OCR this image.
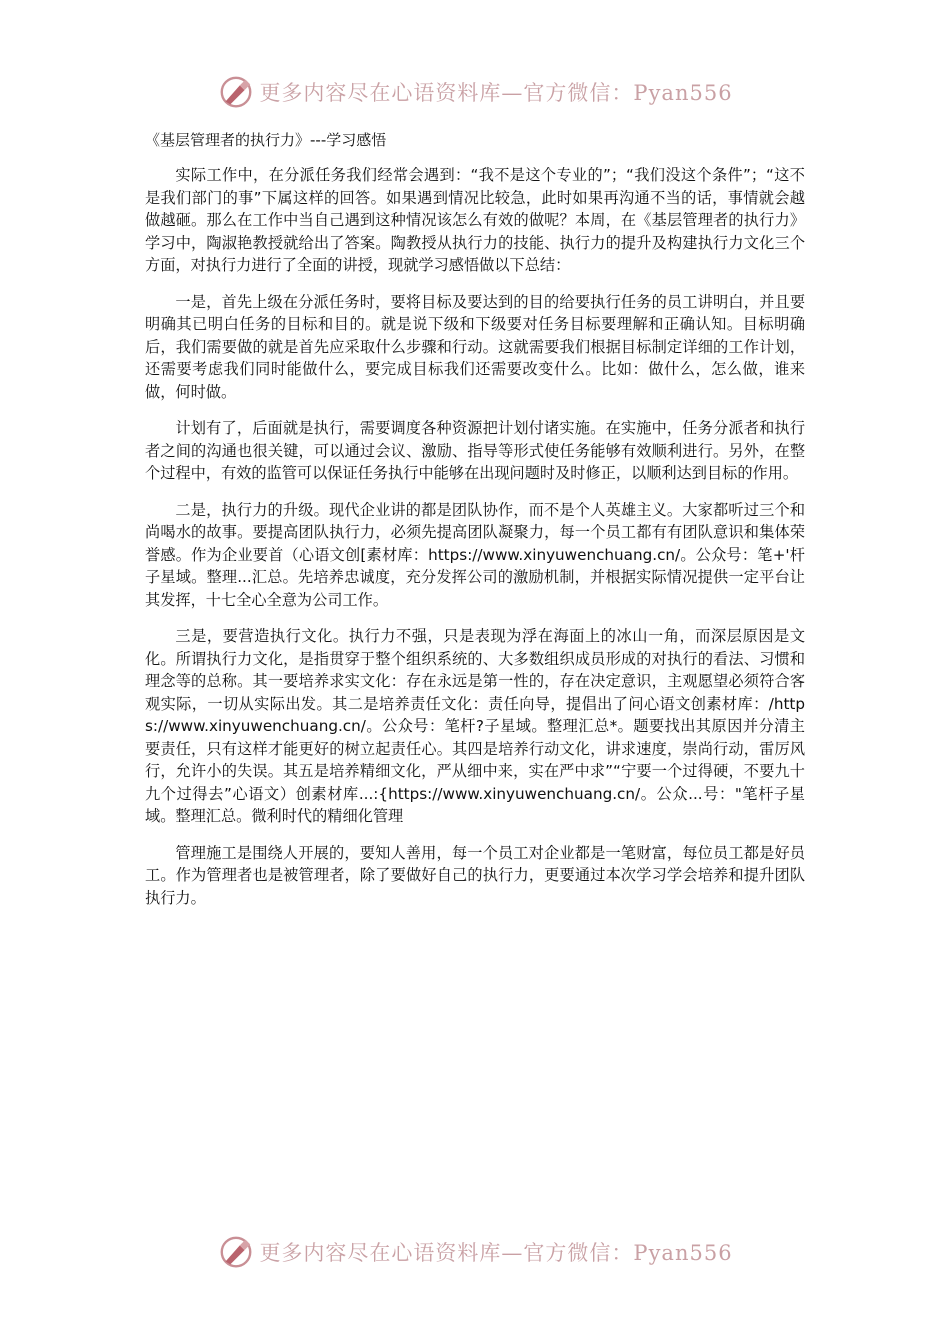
更多内容尽在心语资料库—官方微信：Pyan556
《基层管理者的执行力》---学习感悟

实际工作中，在分派任务我们经常会遇到：“我不是这个专业的”；“我们没这个条件”；“这不是我们部门的事”下属这样的回答。如果遇到情况比较急，此时如果再沟通不当的话，事情就会越做越砸。那么在工作中当自己遇到这种情况该怎么有效的做呢？本周，在《基层管理者的执行力》学习中，陶淑艳教授就给出了答案。陶教授从执行力的技能、执行力的提升及构建执行力文化三个方面，对执行力进行了全面的讲授，现就学习感悟做以下总结：

一是，首先上级在分派任务时，要将目标及要达到的目的给要执行任务的员工讲明白，并且要明确其已明白任务的目标和目的。就是说下级和下级要对任务目标要理解和正确认知。目标明确后，我们需要做的就是首先应采取什么步骤和行动。这就需要我们根据目标制定详细的工作计划，还需要考虑我们同时能做什么，要完成目标我们还需要改变什么。比如：做什么，怎么做，谁来做，何时做。

计划有了，后面就是执行，需要调度各种资源把计划付诸实施。在实施中，任务分派者和执行者之间的沟通也很关键，可以通过会议、激励、指导等形式使任务能够有效顺利进行。另外，在整个过程中，有效的监管可以保证任务执行中能够在出现问题时及时修正，以顺利达到目标的作用。

二是，执行力的升级。现代企业讲的都是团队协作，而不是个人英雄主义。大家都听过三个和尚喝水的故事。要提高团队执行力，必须先提高团队凝聚力，每一个员工都有有团队意识和集体荣誉感。作为企业要首（心语文创[素材库：https://www.xinyuwenchuang.cn/。公众号：笔+'杆子星域。整理...汇总。先培养忠诚度，充分发挥公司的激励机制，并根据实际情况提供一定平台让其发挥，十七全心全意为公司工作。

三是，要营造执行文化。执行力不强，只是表现为浮在海面上的冰山一角，而深层原因是文化。所谓执行力文化，是指贯穿于整个组织系统的、大多数组织成员形成的对执行的看法、习惯和理念等的总称。其一要培养求实文化：存在永远是第一性的，存在决定意识，主观愿望必须符合客观实际，一切从实际出发。其二是培养责任文化：责任向导，提倡出了问心语文创素材库：/https://www.xinyuwenchuang.cn/。公众号：笔杆?子星域。整理汇总*。题要找出其原因并分清主要责任，只有这样才能更好的树立起责任心。其四是培养行动文化，讲求速度，崇尚行动，雷厉风行，允许小的失误。其五是培养精细文化，严从细中来，实在严中求”“宁要一个过得硬，不要九十九个过得去”心语文）创素材库...:{https://www.xinyuwenchuang.cn/。公众...号："笔杆子星域。整理汇总。微利时代的精细化管理

管理施工是围绕人开展的，要知人善用，每一个员工对企业都是一笔财富，每位员工都是好员工。作为管理者也是被管理者，除了要做好自己的执行力，更要通过本次学习学会培养和提升团队执行力。

更多内容尽在心语资料库—官方微信：Pyan556
